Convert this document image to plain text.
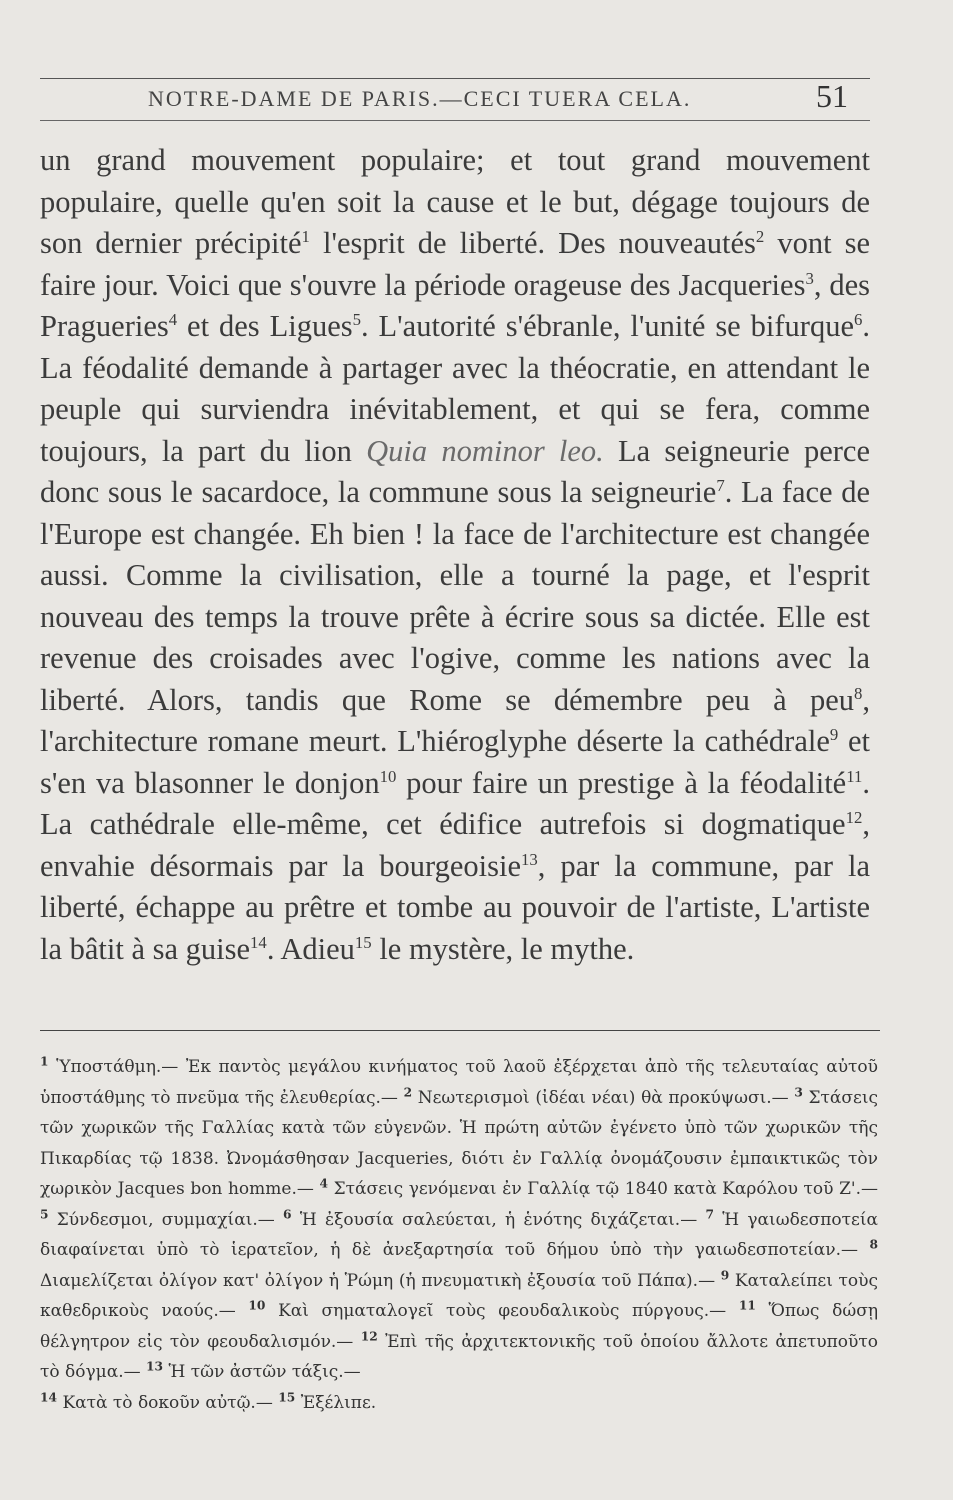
NOTRE-DAME DE PARIS.—CECI TUERA CELA.	51

un grand mouvement populaire; et tout grand mouvement populaire, quelle qu'en soit la cause et le but, dégage toujours de son dernier précipité$^1$ l'esprit de liberté. Des nouveautés$^2$ vont se faire jour. Voici que s'ouvre la période orageuse des Jacqueries$^3$, des Pragueries$^4$ et des Ligues$^5$. L'autorité s'ébranle, l'unité se bifurque$^6$. La féodalité demande à partager avec la théocratie, en attendant le peuple qui surviendra inévitablement, et qui se fera, comme toujours, la part du lion Quia nominor leo. La seigneurie perce donc sous le sacardoce, la commune sous la seigneurie$^7$. La face de l'Europe est changée. Eh bien ! la face de l'architecture est changée aussi. Comme la civilisation, elle a tourné la page, et l'esprit nouveau des temps la trouve prête à écrire sous sa dictée. Elle est revenue des croisades avec l'ogive, comme les nations avec la liberté. Alors, tandis que Rome se démembre peu à peu$^8$, l'architecture romane meurt. L'hiéroglyphe déserte la cathédrale$^9$ et s'en va blasonner le donjon$^{10}$ pour faire un prestige à la féodalité$^{11}$. La cathédrale elle-même, cet édifice autrefois si dogmatique$^{12}$, envahie désormais par la bourgeoisie$^{13}$, par la commune, par la liberté, échappe au prêtre et tombe au pouvoir de l'artiste, L'artiste la bâtit à sa guise$^{14}$. Adieu$^{15}$ le mystère, le mythe.

$^1$ Ὑποστάθμη.— Ἐκ παντὸς μεγάλου κινήματος τοῦ λαοῦ ἐξέρχεται ἀπὸ τῆς τελευταίας αὐτοῦ ὑποστάθμης τὸ πνεῦμα τῆς ἐλευθερίας.— $^2$ Νεωτερισμοὶ (ἰδέαι νέαι) θὰ προκύψωσι.— $^3$ Στάσεις τῶν χωρικῶν τῆς Γαλλίας κατὰ τῶν εὐγενῶν. Ἡ πρώτη αὐτῶν ἐγένετο ὑπὸ τῶν χωρικῶν τῆς Πικαρδίας τῷ 1838. Ὠνομάσθησαν Jacqueries, διότι ἐν Γαλλίᾳ ὀνομάζουσιν ἐμπαικτικῶς τὸν χωρικὸν Jacques bon homme.— $^4$ Στάσεις γενόμεναι ἐν Γαλλίᾳ τῷ 1840 κατὰ Καρόλου τοῦ Ζ'.— $^5$ Σύνδεσμοι, συμμαχίαι.— $^6$ Ἡ ἐξουσία σαλεύεται, ἡ ἑνότης διχάζεται.— $^7$ Ἡ γαιωδεσποτεία διαφαίνεται ὑπὸ τὸ ἱερατεῖον, ἡ δὲ ἀνεξαρτησία τοῦ δήμου ὑπὸ τὴν γαιωδεσποτείαν.— $^8$ Διαμελίζεται ὀλίγον κατ' ὀλίγον ἡ Ῥώμη (ἡ πνευματικὴ ἐξουσία τοῦ Πάπα).— $^9$ Καταλείπει τοὺς καθεδρικοὺς ναούς.— $^{10}$ Καὶ σηματαλογεῖ τοὺς φεουδαλικοὺς πύργους.— $^{11}$ Ὅπως δώσῃ θέλγητρον εἰς τὸν φεουδαλισμόν.— $^{12}$ Ἐπὶ τῆς ἀρχιτεκτονικῆς τοῦ ὁποίου ἄλλοτε ἀπετυποῦτο τὸ δόγμα.— $^{13}$ Ἡ τῶν ἀστῶν τάξις.—
$^{14}$ Κατὰ τὸ δοκοῦν αὐτῷ.— $^{15}$ Ἐξέλιπε.
